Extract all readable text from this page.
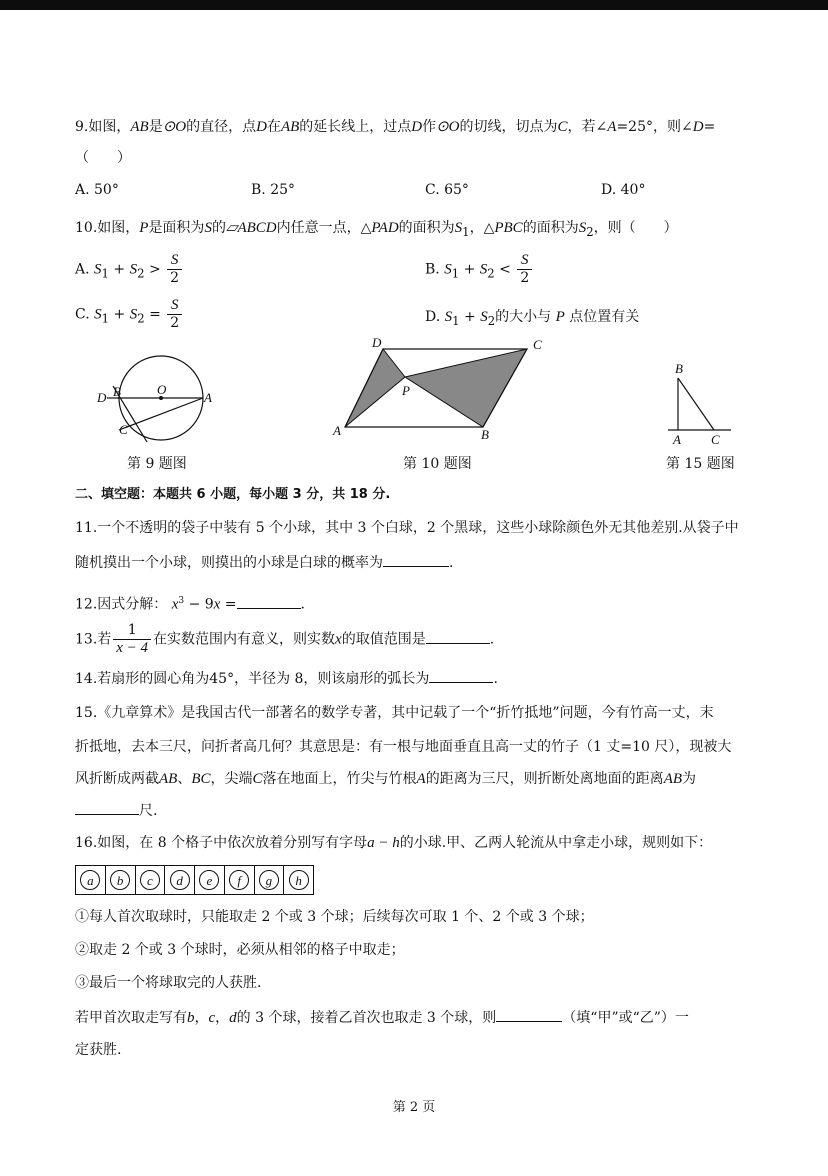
9.如图，AB是⊙O的直径，点D在AB的延长线上，过点D作⊙O的切线，切点为C，若∠A=25°，则∠D=
（　　）
A. 50°	B. 25°	C. 65°	D. 40°
10.如图，P是面积为S的▱ABCD内任意一点，△PAD的面积为$S_1$，△PBC的面积为$S_2$，则（　　）
A. $S_1 + S_2 > \frac{S}{2}$	B. $S_1 + S_2 < \frac{S}{2}$
C. $S_1 + S_2 = \frac{S}{2}$	D. $S_1 + S_2$的大小与 P 点位置有关
O
D B	A
C
第 9 题图
D	C
P
A	B
第 10 题图
B
A C
第 15 题图
二、填空题：本题共 6 小题，每小题 3 分，共 18 分.
11.一个不透明的袋子中装有 5 个小球，其中 3 个白球，2 个黑球，这些小球除颜色外无其他差别.从袋子中
随机摸出一个小球，则摸出的小球是白球的概率为	.
12.因式分解： $x^3 - 9x$ =	.
13.若 $\frac{1}{x - 4}$ 在实数范围内有意义，则实数x的取值范围是	.
14.若扇形的圆心角为45°，半径为 8，则该扇形的弧长为	.
15.《九章算术》是我国古代一部著名的数学专著，其中记载了一个“折竹抵地”问题，今有竹高一丈，末
折抵地，去本三尺，问折者高几何？其意思是：有一根与地面垂直且高一丈的竹子（1 丈=10 尺），现被大
风折断成两截AB、BC，尖端C落在地面上，竹尖与竹根A的距离为三尺，则折断处离地面的距离AB为
尺.
16.如图，在 8 个格子中依次放着分别写有字母a − h的小球.甲、乙两人轮流从中拿走小球，规则如下：
a	b	c	d	e	f	g	h
①每人首次取球时，只能取走 2 个或 3 个球；后续每次可取 1 个、2 个或 3 个球；
②取走 2 个或 3 个球时，必须从相邻的格子中取走；
③最后一个将球取完的人获胜.
若甲首次取走写有b，c，d的 3 个球，接着乙首次也取走 3 个球，则	（填“甲”或“乙”）一
定获胜.
第 2 页
